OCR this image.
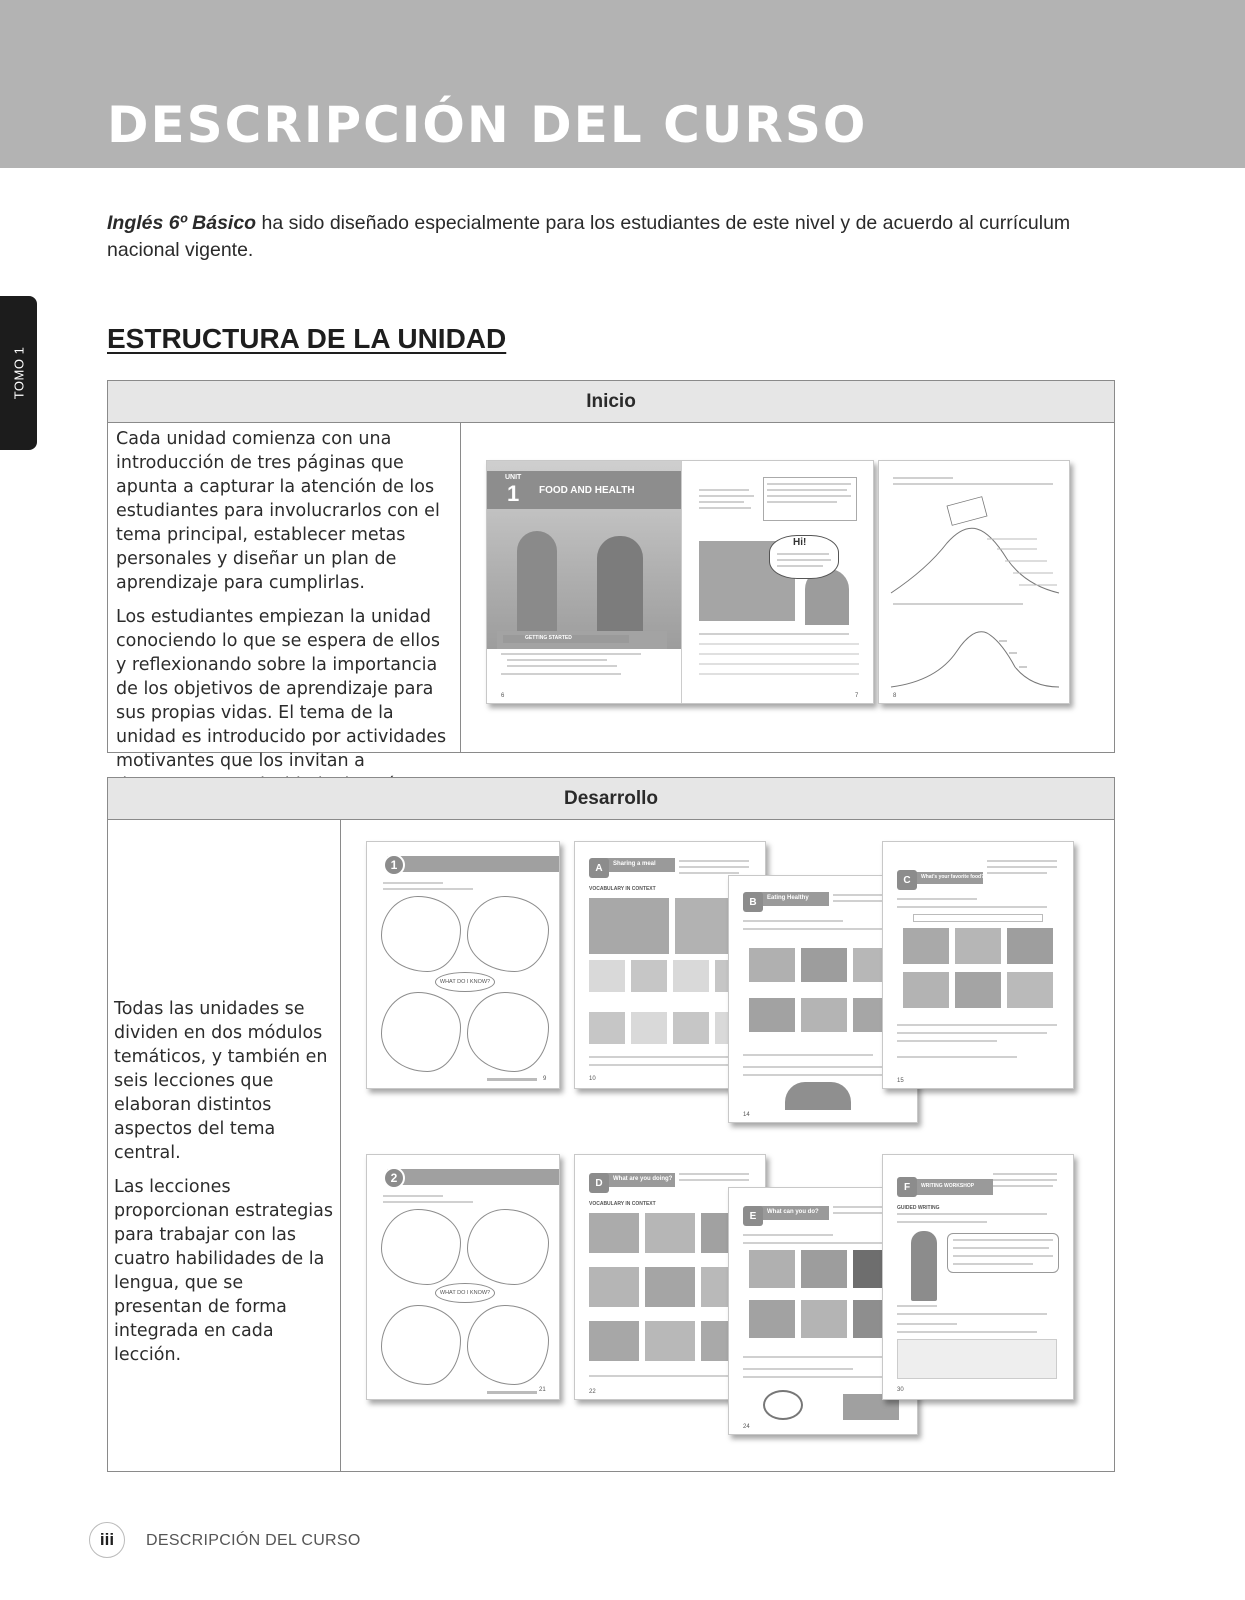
DESCRIPCIÓN DEL CURSO
TOMO 1
Inglés 6º Básico ha sido diseñado especialmente para los estudiantes de este nivel y de acuerdo al currículum nacional vigente.
ESTRUCTURA DE LA UNIDAD
Inicio

Cada unidad comienza con una introducción de tres páginas que apunta a capturar la atención de los estudiantes para involucrarlos con el tema principal, establecer metas personales y diseñar un plan de aprendizaje para cumplirlas.

Los estudiantes empiezan la unidad conociendo lo que se espera de ellos y reflexionando sobre la importancia de los objetivos de aprendizaje para sus propias vidas. El tema de la unidad es introducido por actividades motivantes que los invitan a

UNIT
1 FOOD AND HEALTH
GETTING STARTED
6
Hi!
7	8
Desarrollo

Todas las unidades se dividen en dos módulos temáticos, y también en seis lecciones que elaboran distintos aspectos del tema central.

Las lecciones proporcionan estrategias para trabajar con las cuatro habilidades de la lengua, que se presentan de forma integrada en cada lección.

1
WHAT DO I KNOW?
9
A	Sharing a meal
VOCABULARY IN CONTEXT
10
B	Eating Healthy
14
C	What's your favorite food?
15
2
WHAT DO I KNOW?
21
D	What are you doing?
VOCABULARY IN CONTEXT
22
E	What can you do?
24
F	WRITING WORKSHOP
GUIDED WRITING
30
iii	DESCRIPCIÓN DEL CURSO
